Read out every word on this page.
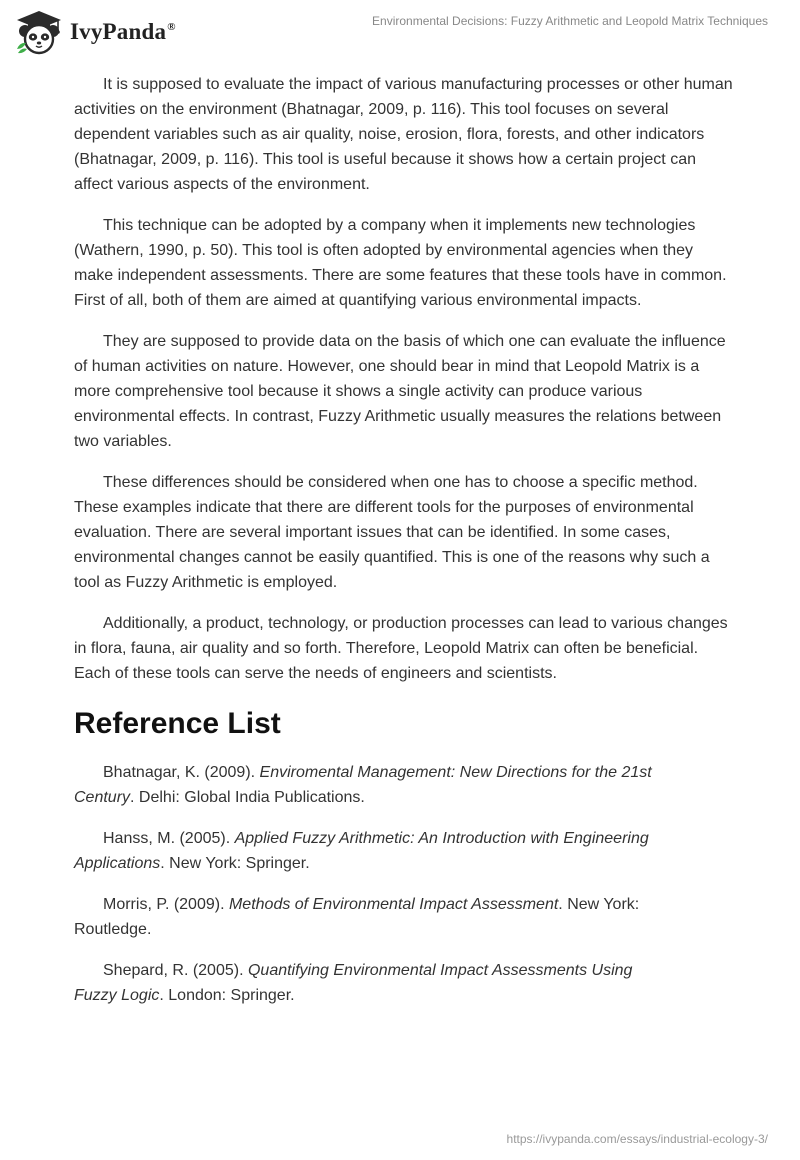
IvyPanda®	Environmental Decisions: Fuzzy Arithmetic and Leopold Matrix Techniques

It is supposed to evaluate the impact of various manufacturing processes or other human activities on the environment (Bhatnagar, 2009, p. 116). This tool focuses on several dependent variables such as air quality, noise, erosion, flora, forests, and other indicators (Bhatnagar, 2009, p. 116). This tool is useful because it shows how a certain project can affect various aspects of the environment.

This technique can be adopted by a company when it implements new technologies (Wathern, 1990, p. 50). This tool is often adopted by environmental agencies when they make independent assessments. There are some features that these tools have in common. First of all, both of them are aimed at quantifying various environmental impacts.

They are supposed to provide data on the basis of which one can evaluate the influence of human activities on nature. However, one should bear in mind that Leopold Matrix is a more comprehensive tool because it shows a single activity can produce various environmental effects. In contrast, Fuzzy Arithmetic usually measures the relations between two variables.

These differences should be considered when one has to choose a specific method. These examples indicate that there are different tools for the purposes of environmental evaluation. There are several important issues that can be identified. In some cases, environmental changes cannot be easily quantified. This is one of the reasons why such a tool as Fuzzy Arithmetic is employed.

Additionally, a product, technology, or production processes can lead to various changes in flora, fauna, air quality and so forth. Therefore, Leopold Matrix can often be beneficial. Each of these tools can serve the needs of engineers and scientists.

Reference List

Bhatnagar, K. (2009). Enviromental Management: New Directions for the 21st Century. Delhi: Global India Publications.

Hanss, M. (2005). Applied Fuzzy Arithmetic: An Introduction with Engineering Applications. New York: Springer.

Morris, P. (2009). Methods of Environmental Impact Assessment. New York: Routledge.

Shepard, R. (2005). Quantifying Environmental Impact Assessments Using Fuzzy Logic. London: Springer.

https://ivypanda.com/essays/industrial-ecology-3/
